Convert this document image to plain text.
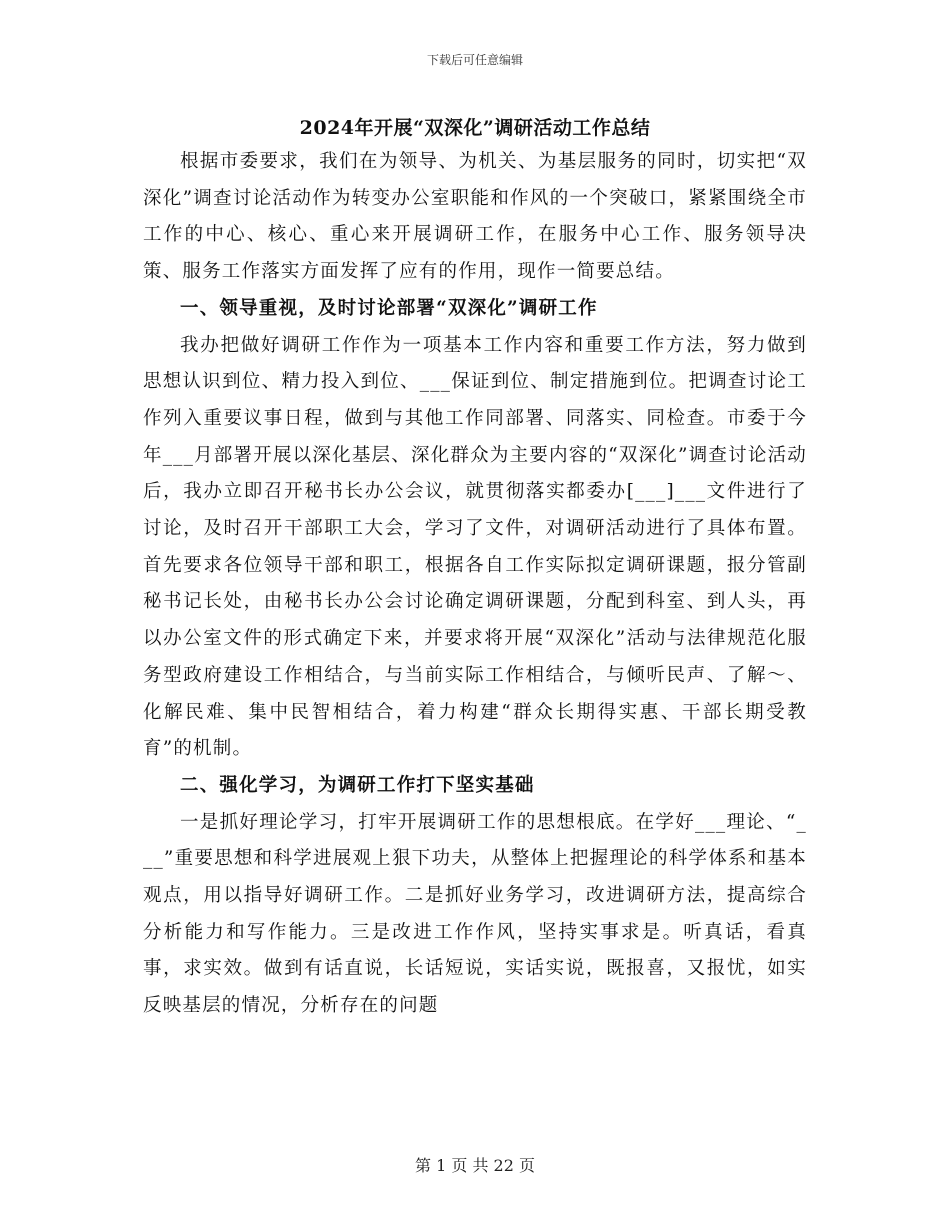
下载后可任意编辑
2024年开展“双深化”调研活动工作总结

根据市委要求，我们在为领导、为机关、为基层服务的同时，切实把“双深化”调查讨论活动作为转变办公室职能和作风的一个突破口，紧紧围绕全市工作的中心、核心、重心来开展调研工作，在服务中心工作、服务领导决策、服务工作落实方面发挥了应有的作用，现作一简要总结。

一、领导重视，及时讨论部署“双深化”调研工作

我办把做好调研工作作为一项基本工作内容和重要工作方法，努力做到思想认识到位、精力投入到位、___保证到位、制定措施到位。把调查讨论工作列入重要议事日程，做到与其他工作同部署、同落实、同检查。市委于今年___月部署开展以深化基层、深化群众为主要内容的“双深化”调查讨论活动后，我办立即召开秘书长办公会议，就贯彻落实都委办[___]___文件进行了讨论，及时召开干部职工大会，学习了文件，对调研活动进行了具体布置。首先要求各位领导干部和职工，根据各自工作实际拟定调研课题，报分管副秘书记长处，由秘书长办公会讨论确定调研课题，分配到科室、到人头，再以办公室文件的形式确定下来，并要求将开展“双深化”活动与法律规范化服务型政府建设工作相结合，与当前实际工作相结合，与倾听民声、了解～、化解民难、集中民智相结合，着力构建“群众长期得实惠、干部长期受教育”的机制。

二、强化学习，为调研工作打下坚实基础

一是抓好理论学习，打牢开展调研工作的思想根底。在学好___理论、“___”重要思想和科学进展观上狠下功夫，从整体上把握理论的科学体系和基本观点，用以指导好调研工作。二是抓好业务学习，改进调研方法，提高综合分析能力和写作能力。三是改进工作作风，坚持实事求是。听真话，看真事，求实效。做到有话直说，长话短说，实话实说，既报喜，又报忧，如实反映基层的情况，分析存在的问题

第 1 页 共 22 页
